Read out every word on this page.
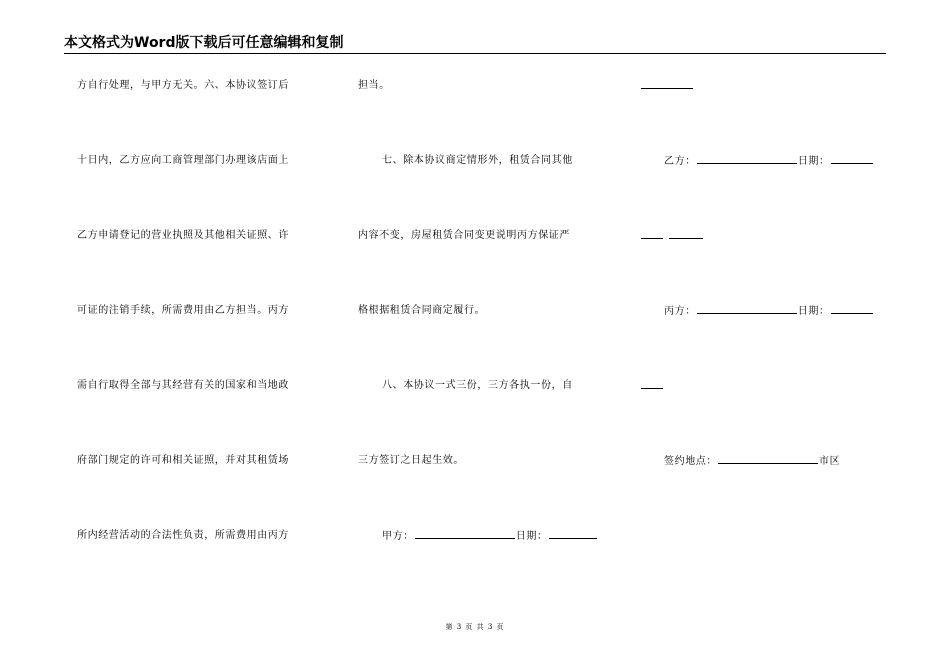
本文格式为Word版下载后可任意编辑和复制
方自行处理，与甲方无关。六、本协议签订后
十日内，乙方应向工商管理部门办理该店面上
乙方申请登记的营业执照及其他相关证照、许
可证的注销手续，所需费用由乙方担当。丙方
需自行取得全部与其经营有关的国家和当地政
府部门规定的许可和相关证照，并对其租赁场
所内经营活动的合法性负责，所需费用由丙方
担当。
七、除本协议商定情形外，租赁合同其他
内容不变，房屋租赁合同变更说明丙方保证严
格根据租赁合同商定履行。
八、本协议一式三份，三方各执一份，自
三方签订之日起生效。
甲方：	日期：
乙方：	日期：
丙方：	日期：
签约地点：	市区
第 3 页 共 3 页
